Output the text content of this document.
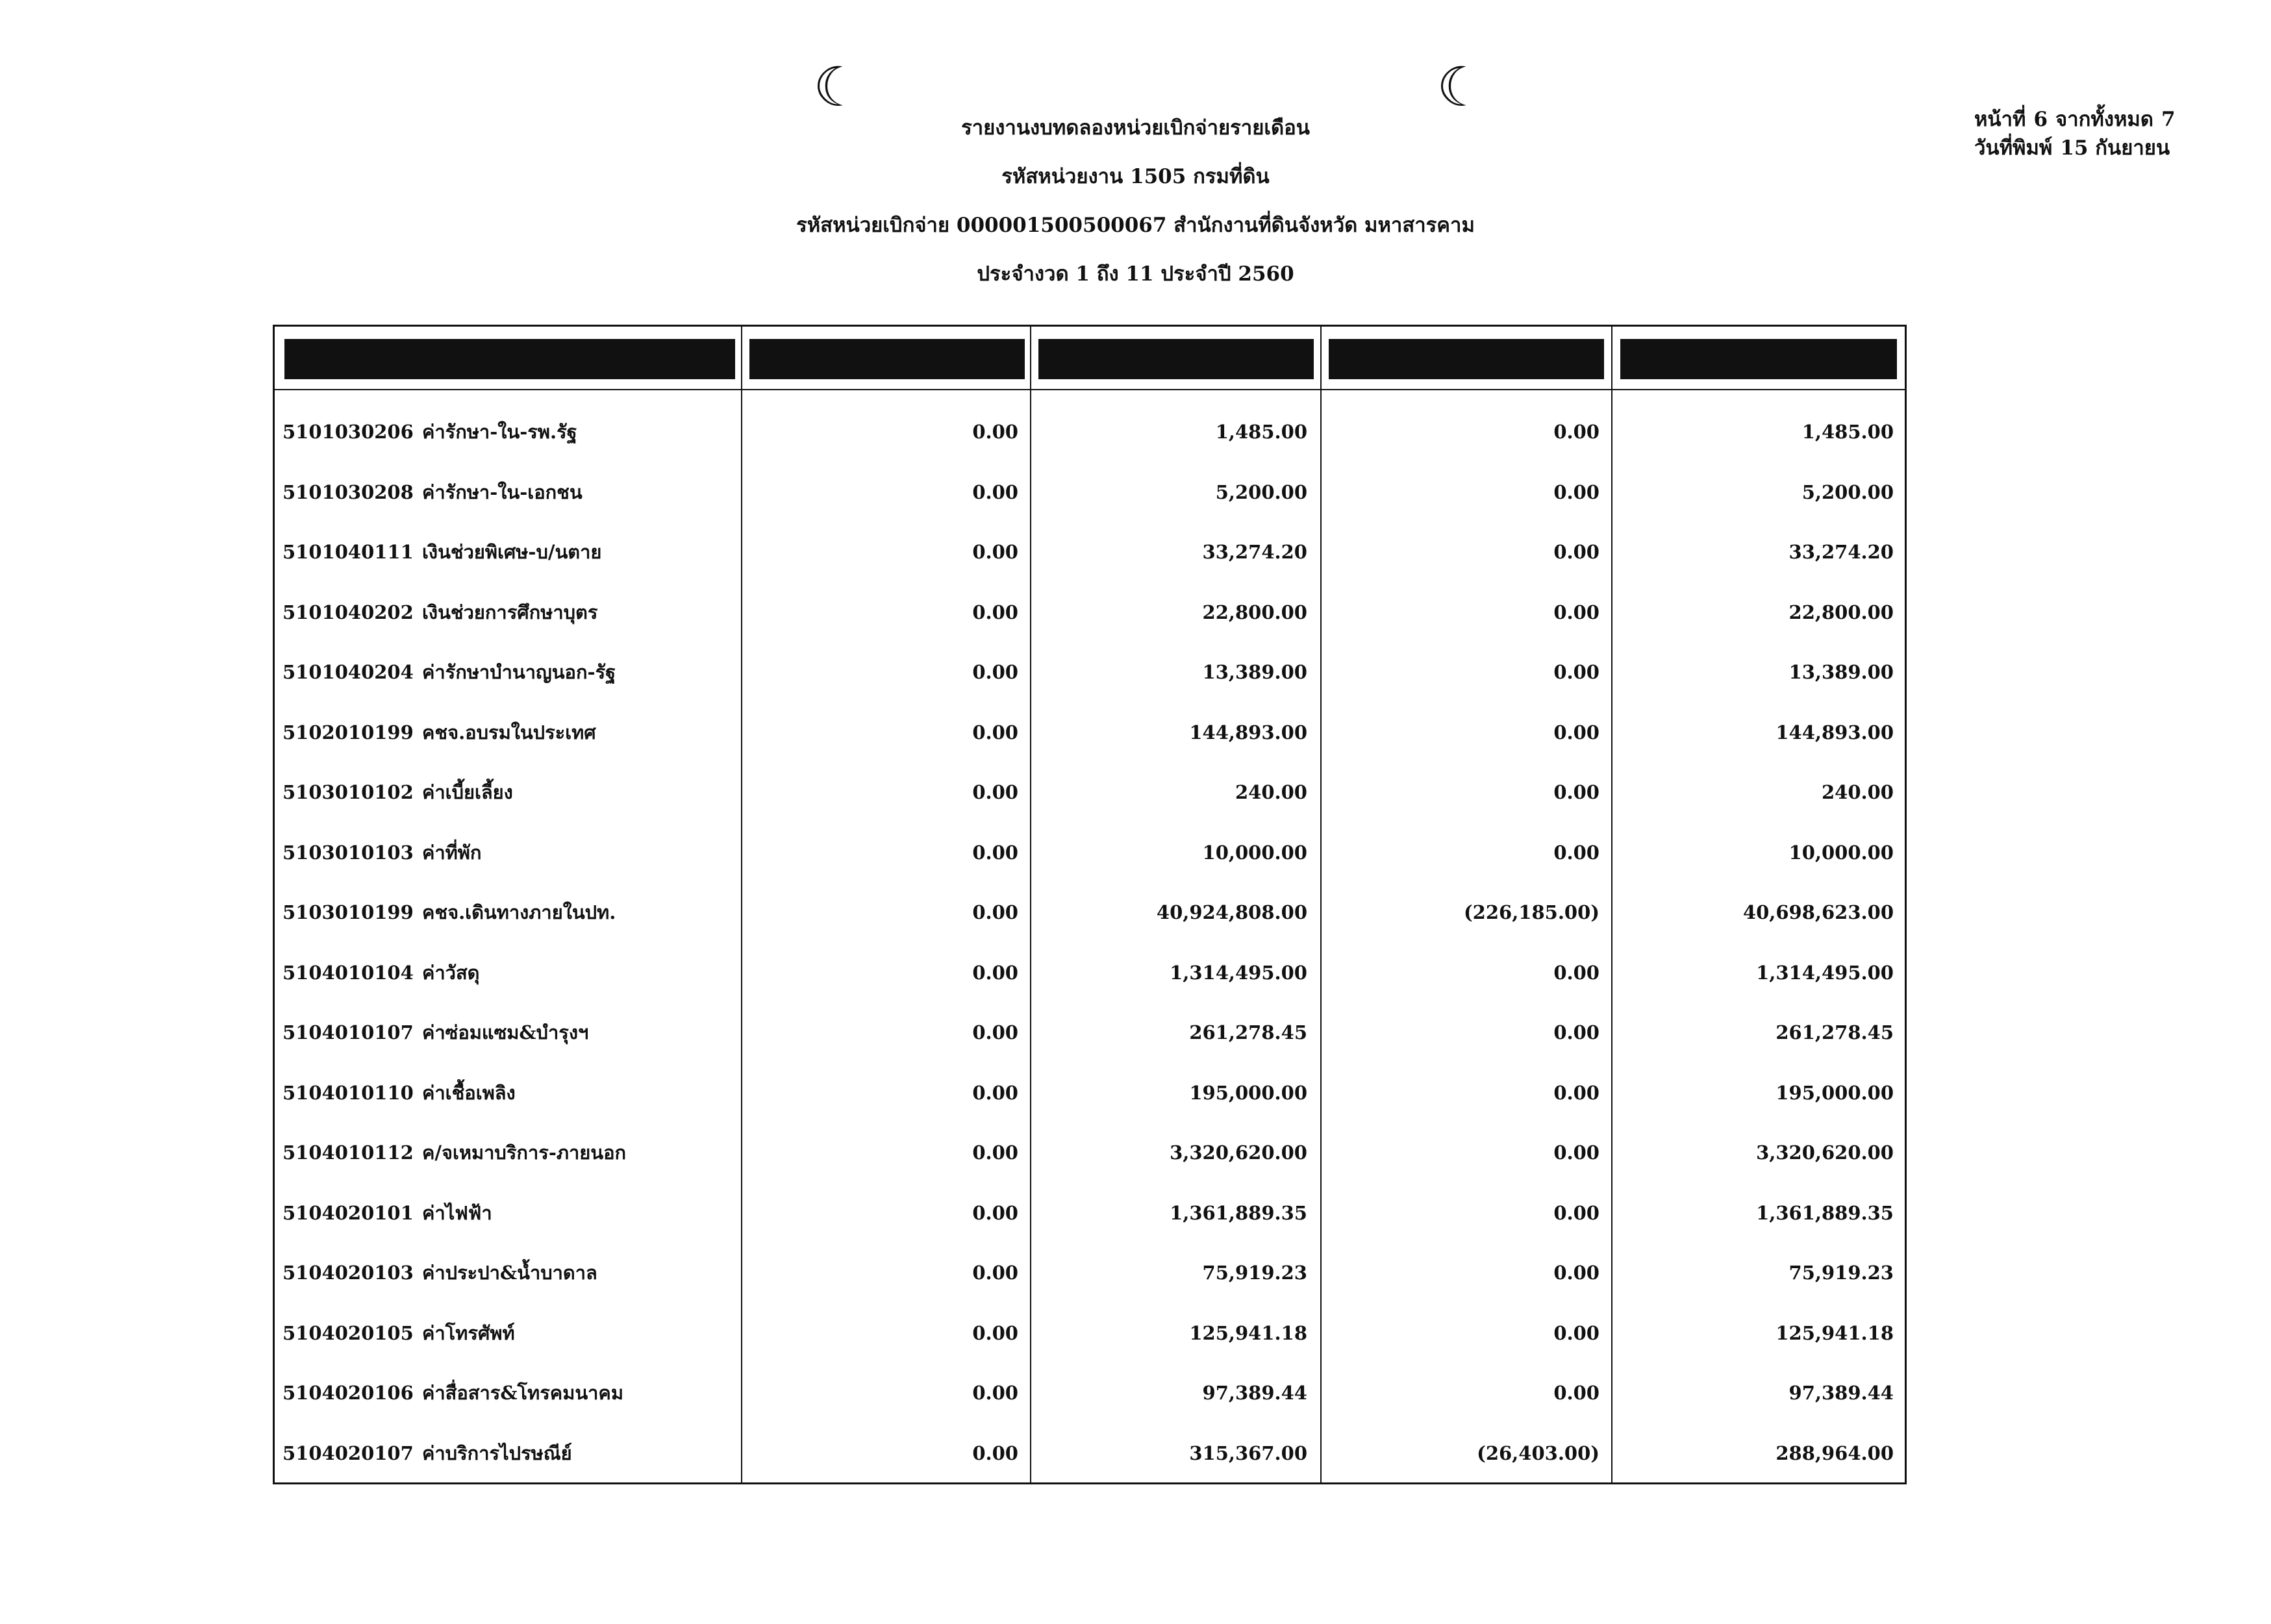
☾	☾
รายงานงบทดลองหน่วยเบิกจ่ายรายเดือน
รหัสหน่วยงาน 1505 กรมที่ดิน
รหัสหน่วยเบิกจ่าย 000001500500067 สำนักงานที่ดินจังหวัด มหาสารคาม
ประจำงวด 1 ถึง 11 ประจำปี 2560
หน้าที่ 6 จากทั้งหมด 7
วันที่พิมพ์ 15 กันยายน
5101030206 ค่ารักษา-ใน-รพ.รัฐ	0.00	1,485.00	0.00	1,485.00
5101030208 ค่ารักษา-ใน-เอกชน	0.00	5,200.00	0.00	5,200.00
5101040111 เงินช่วยพิเศษ-บ/นตาย	0.00	33,274.20	0.00	33,274.20
5101040202 เงินช่วยการศึกษาบุตร	0.00	22,800.00	0.00	22,800.00
5101040204 ค่ารักษาบำนาญนอก-รัฐ	0.00	13,389.00	0.00	13,389.00
5102010199 คชจ.อบรมในประเทศ	0.00	144,893.00	0.00	144,893.00
5103010102 ค่าเบี้ยเลี้ยง	0.00	240.00	0.00	240.00
5103010103 ค่าที่พัก	0.00	10,000.00	0.00	10,000.00
5103010199 คชจ.เดินทางภายในปท.	0.00	40,924,808.00	(226,185.00)	40,698,623.00
5104010104 ค่าวัสดุ	0.00	1,314,495.00	0.00	1,314,495.00
5104010107 ค่าซ่อมแซม&บำรุงฯ	0.00	261,278.45	0.00	261,278.45
5104010110 ค่าเชื้อเพลิง	0.00	195,000.00	0.00	195,000.00
5104010112 ค/จเหมาบริการ-ภายนอก	0.00	3,320,620.00	0.00	3,320,620.00
5104020101 ค่าไฟฟ้า	0.00	1,361,889.35	0.00	1,361,889.35
5104020103 ค่าประปา&น้ำบาดาล	0.00	75,919.23	0.00	75,919.23
5104020105 ค่าโทรศัพท์	0.00	125,941.18	0.00	125,941.18
5104020106 ค่าสื่อสาร&โทรคมนาคม	0.00	97,389.44	0.00	97,389.44
5104020107 ค่าบริการไปรษณีย์	0.00	315,367.00	(26,403.00)	288,964.00
